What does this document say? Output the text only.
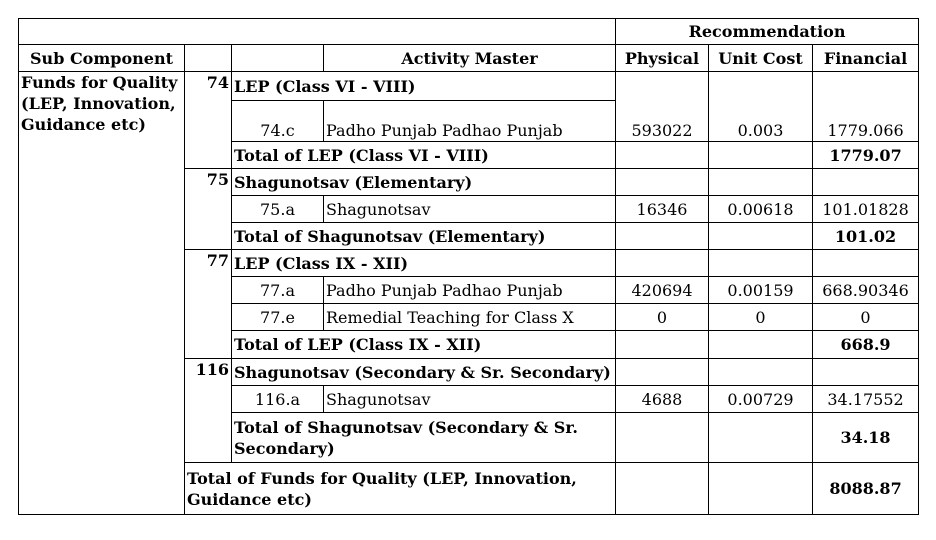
				Recommendation		
Sub Component			Activity Master	Physical	Unit Cost	Financial
Funds for Quality (LEP, Innovation, Guidance etc)	74	LEP (Class VI - VIII)				
		74.c	Padho Punjab Padhao Punjab	593022	0.003	1779.066
		Total of LEP (Class VI - VIII)				1779.07
	75	Shagunotsav (Elementary)				
		75.a	Shagunotsav	16346	0.00618	101.01828
		Total of Shagunotsav (Elementary)				101.02
	77	LEP (Class IX - XII)				
		77.a	Padho Punjab Padhao Punjab	420694	0.00159	668.90346
		77.e	Remedial Teaching for Class X	0	0	0
		Total of LEP (Class IX - XII)				668.9
	116	Shagunotsav (Secondary & Sr. Secondary)				
		116.a	Shagunotsav	4688	0.00729	34.17552
		Total of Shagunotsav (Secondary & Sr. Secondary)				34.18
	Total of Funds for Quality (LEP, Innovation, Guidance etc)					8088.87
